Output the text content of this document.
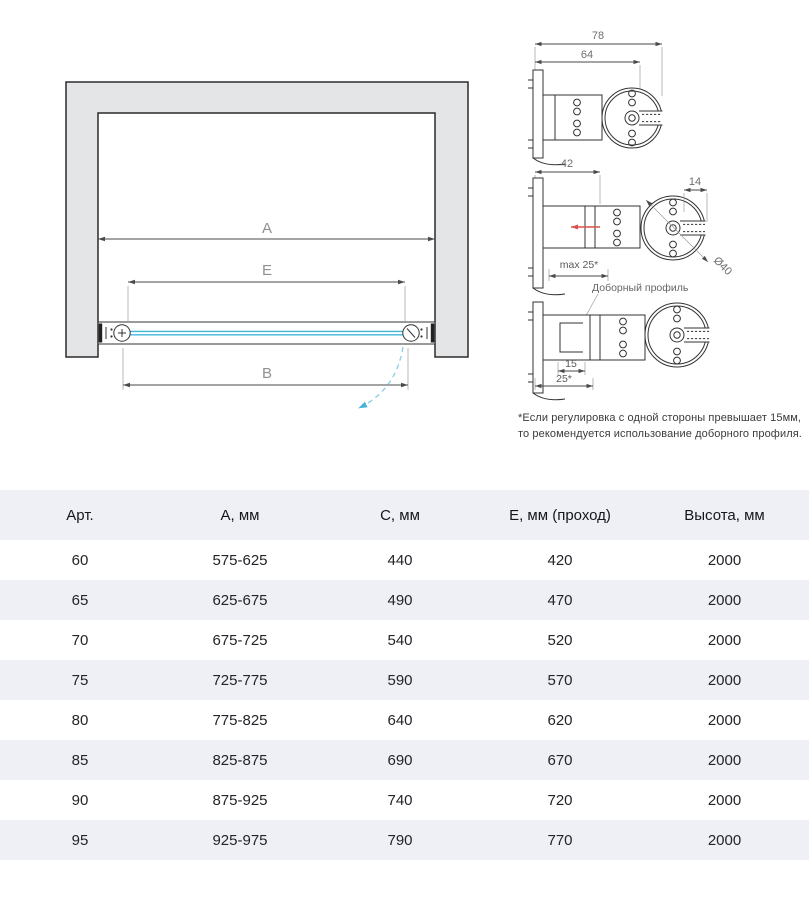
A
E
B
78
64
42
14
Ø40
max 25*
Доборный профиль
15
25*
*Если регулировка с одной стороны превышает 15мм,
то рекомендуется использование доборного профиля.
Арт.	А, мм	С, мм	Е, мм (проход)	Высота, мм
60	575-625	440	420	2000
65	625-675	490	470	2000
70	675-725	540	520	2000
75	725-775	590	570	2000
80	775-825	640	620	2000
85	825-875	690	670	2000
90	875-925	740	720	2000
95	925-975	790	770	2000
